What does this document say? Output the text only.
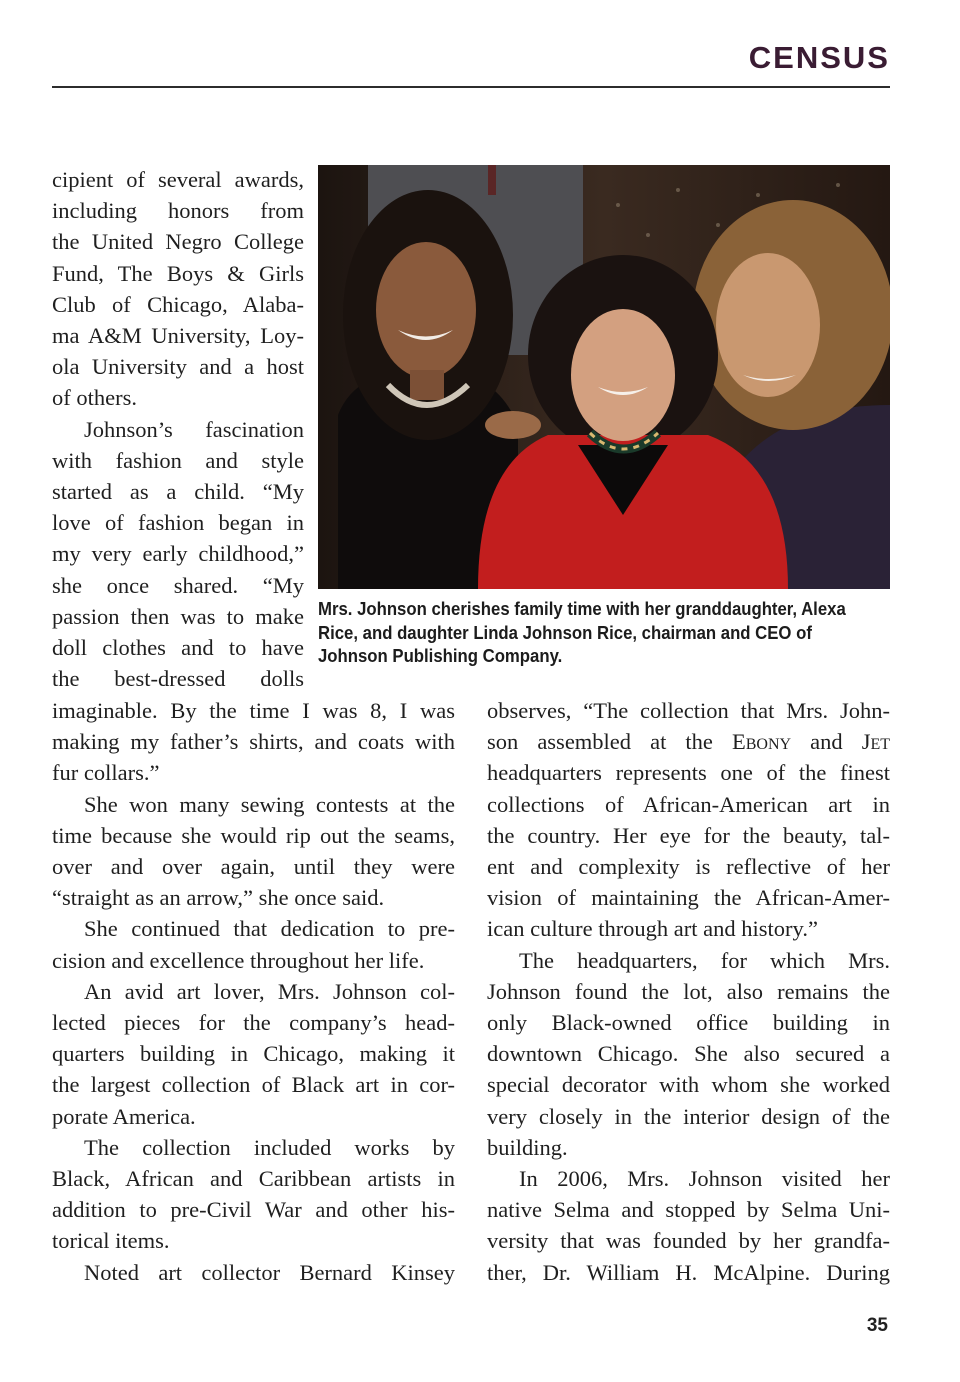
CENSUS
Mrs. Johnson cherishes family time with her granddaughter, Alexa
Rice, and daughter Linda Johnson Rice, chairman and CEO of
Johnson Publishing Company.
cipient of several awards,
including honors from
the United Negro College
Fund, The Boys & Girls
Club of Chicago, Alaba-
ma A&M University, Loy-
ola University and a host
of others.
Johnson’s fascination
with fashion and style
started as a child. “My
love of fashion began in
my very early childhood,”
she once shared. “My
passion then was to make
doll clothes and to have
the best-dressed dolls
imaginable. By the time I was 8, I was
making my father’s shirts, and coats with
fur collars.”
She won many sewing contests at the
time because she would rip out the seams,
over and over again, until they were
“straight as an arrow,” she once said.
She continued that dedication to pre-
cision and excellence throughout her life.
An avid art lover, Mrs. Johnson col-
lected pieces for the company’s head-
quarters building in Chicago, making it
the largest collection of Black art in cor-
porate America.
The collection included works by
Black, African and Caribbean artists in
addition to pre-Civil War and other his-
torical items.
Noted art collector Bernard Kinsey
observes, “The collection that Mrs. John-
son assembled at the Ebony and Jet
headquarters represents one of the finest
collections of African-American art in
the country. Her eye for the beauty, tal-
ent and complexity is reflective of her
vision of maintaining the African-Amer-
ican culture through art and history.”
The headquarters, for which Mrs.
Johnson found the lot, also remains the
only Black-owned office building in
downtown Chicago. She also secured a
special decorator with whom she worked
very closely in the interior design of the
building.
In 2006, Mrs. Johnson visited her
native Selma and stopped by Selma Uni-
versity that was founded by her grandfa-
ther, Dr. William H. McAlpine. During
35
